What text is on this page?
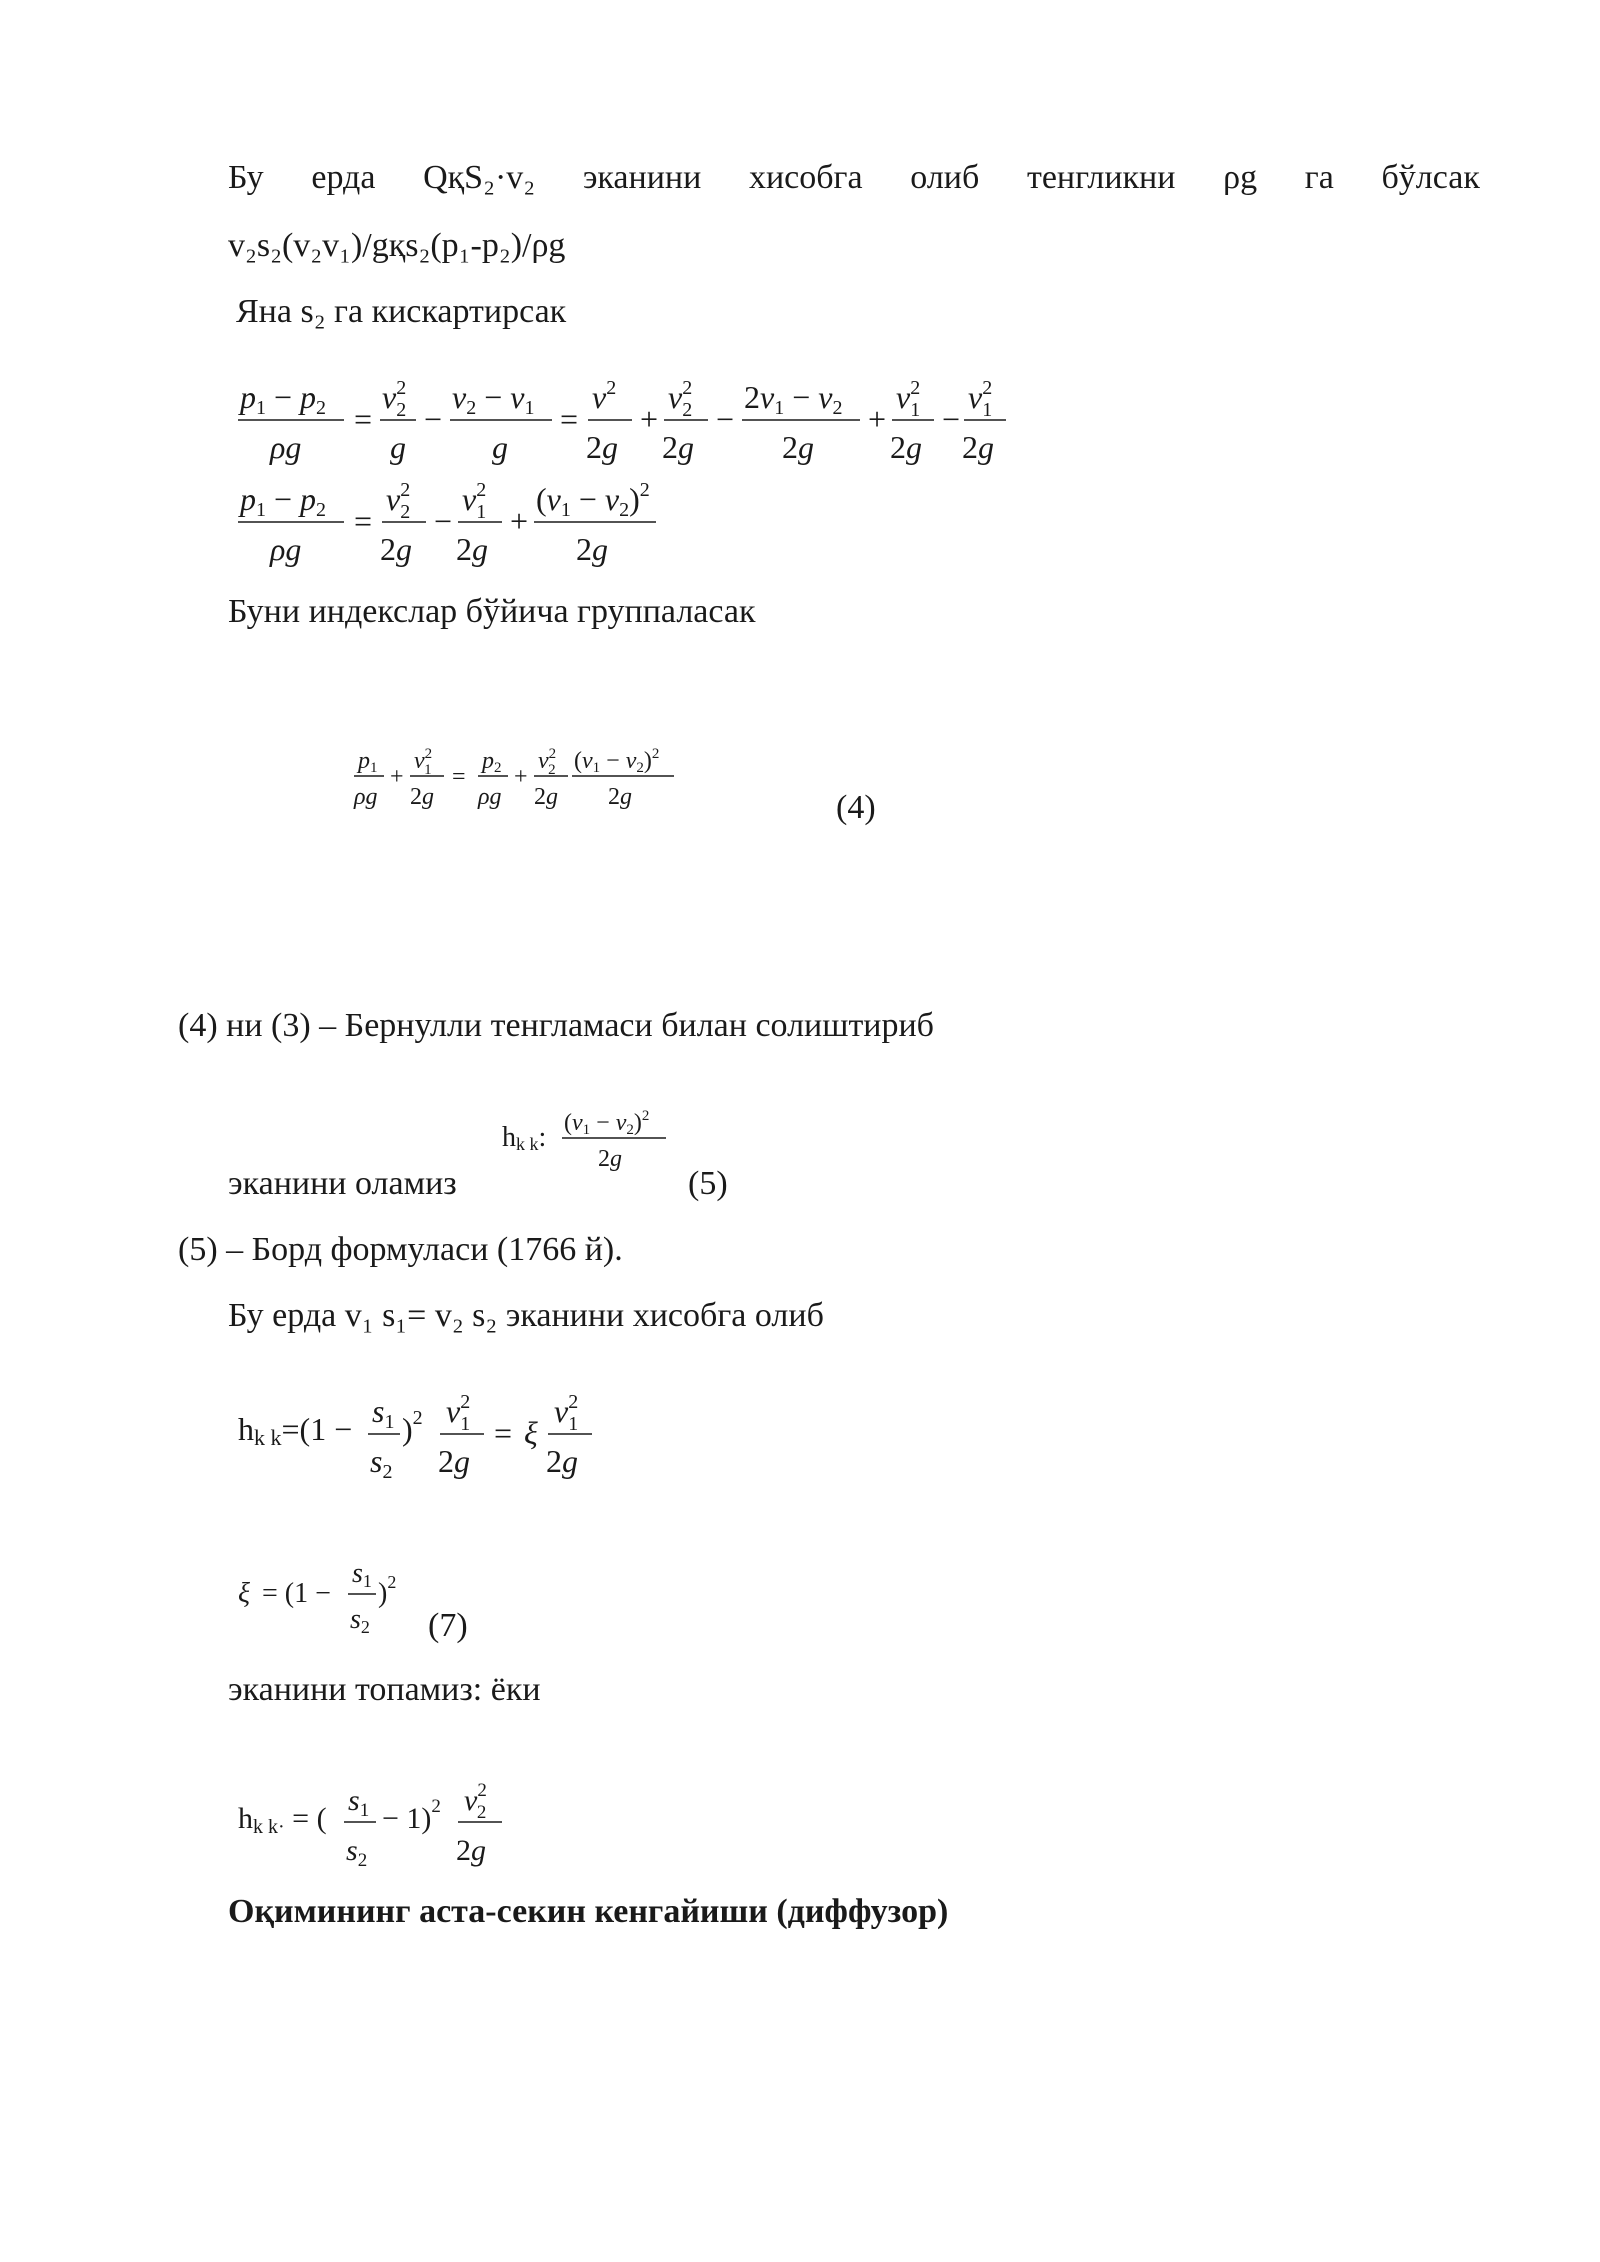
Бу ерда QқS₂·v₂ эканини хисобга олиб тенгликни ρg га бўлсак
v₂s₂(v₂v₁)/gқs₂(p₁-p₂)/ρg
Яна s₂ га кискартирсак
p1 − p2
ρg
=
$v^2$ 2
g
−
v2 − v1
g
=
$v^2$
2g
+
$v^2$ 2
2g
−
2v1 − v2
2g
+
$v^2$ 1
2g
−
$v^2$ 1
2g
p1 − p2
ρg
=
$v^2$ 2
2g
−
$v^2$ 1
2g
+
$(v1 - v2)^2$
2g
Буни индекслар бўйича группаласак
p1
ρg
+
$v^2$ 1
2g
=
p2
ρg
+
$v^2$ 2
2g
$(v1 - v2)^2$
2g	(4)
(4) ни (3) – Бернулли тенгламаси билан солиштириб
hk k: $(v1 - v2)^2$
2g
эканини оламиз	(5)
(5) – Борд формуласи (1766 й).
Бу ерда v₁ s₁= v₂ s₂ эканини хисобга олиб
hk k=(1 − s1
s2
)$^2$ $v^2$ 1
2g
= ξ
$v^2$ 1
2g
ξ = (1 −
s1
s2
)$^2$
(7)
эканини топамиз: ёки
hk k· = (
$s_1$
$s_2$
− 1)$^2$ $v^2$ 2
2g
Оқимининг аста-секин кенгайиши (диффузор)
